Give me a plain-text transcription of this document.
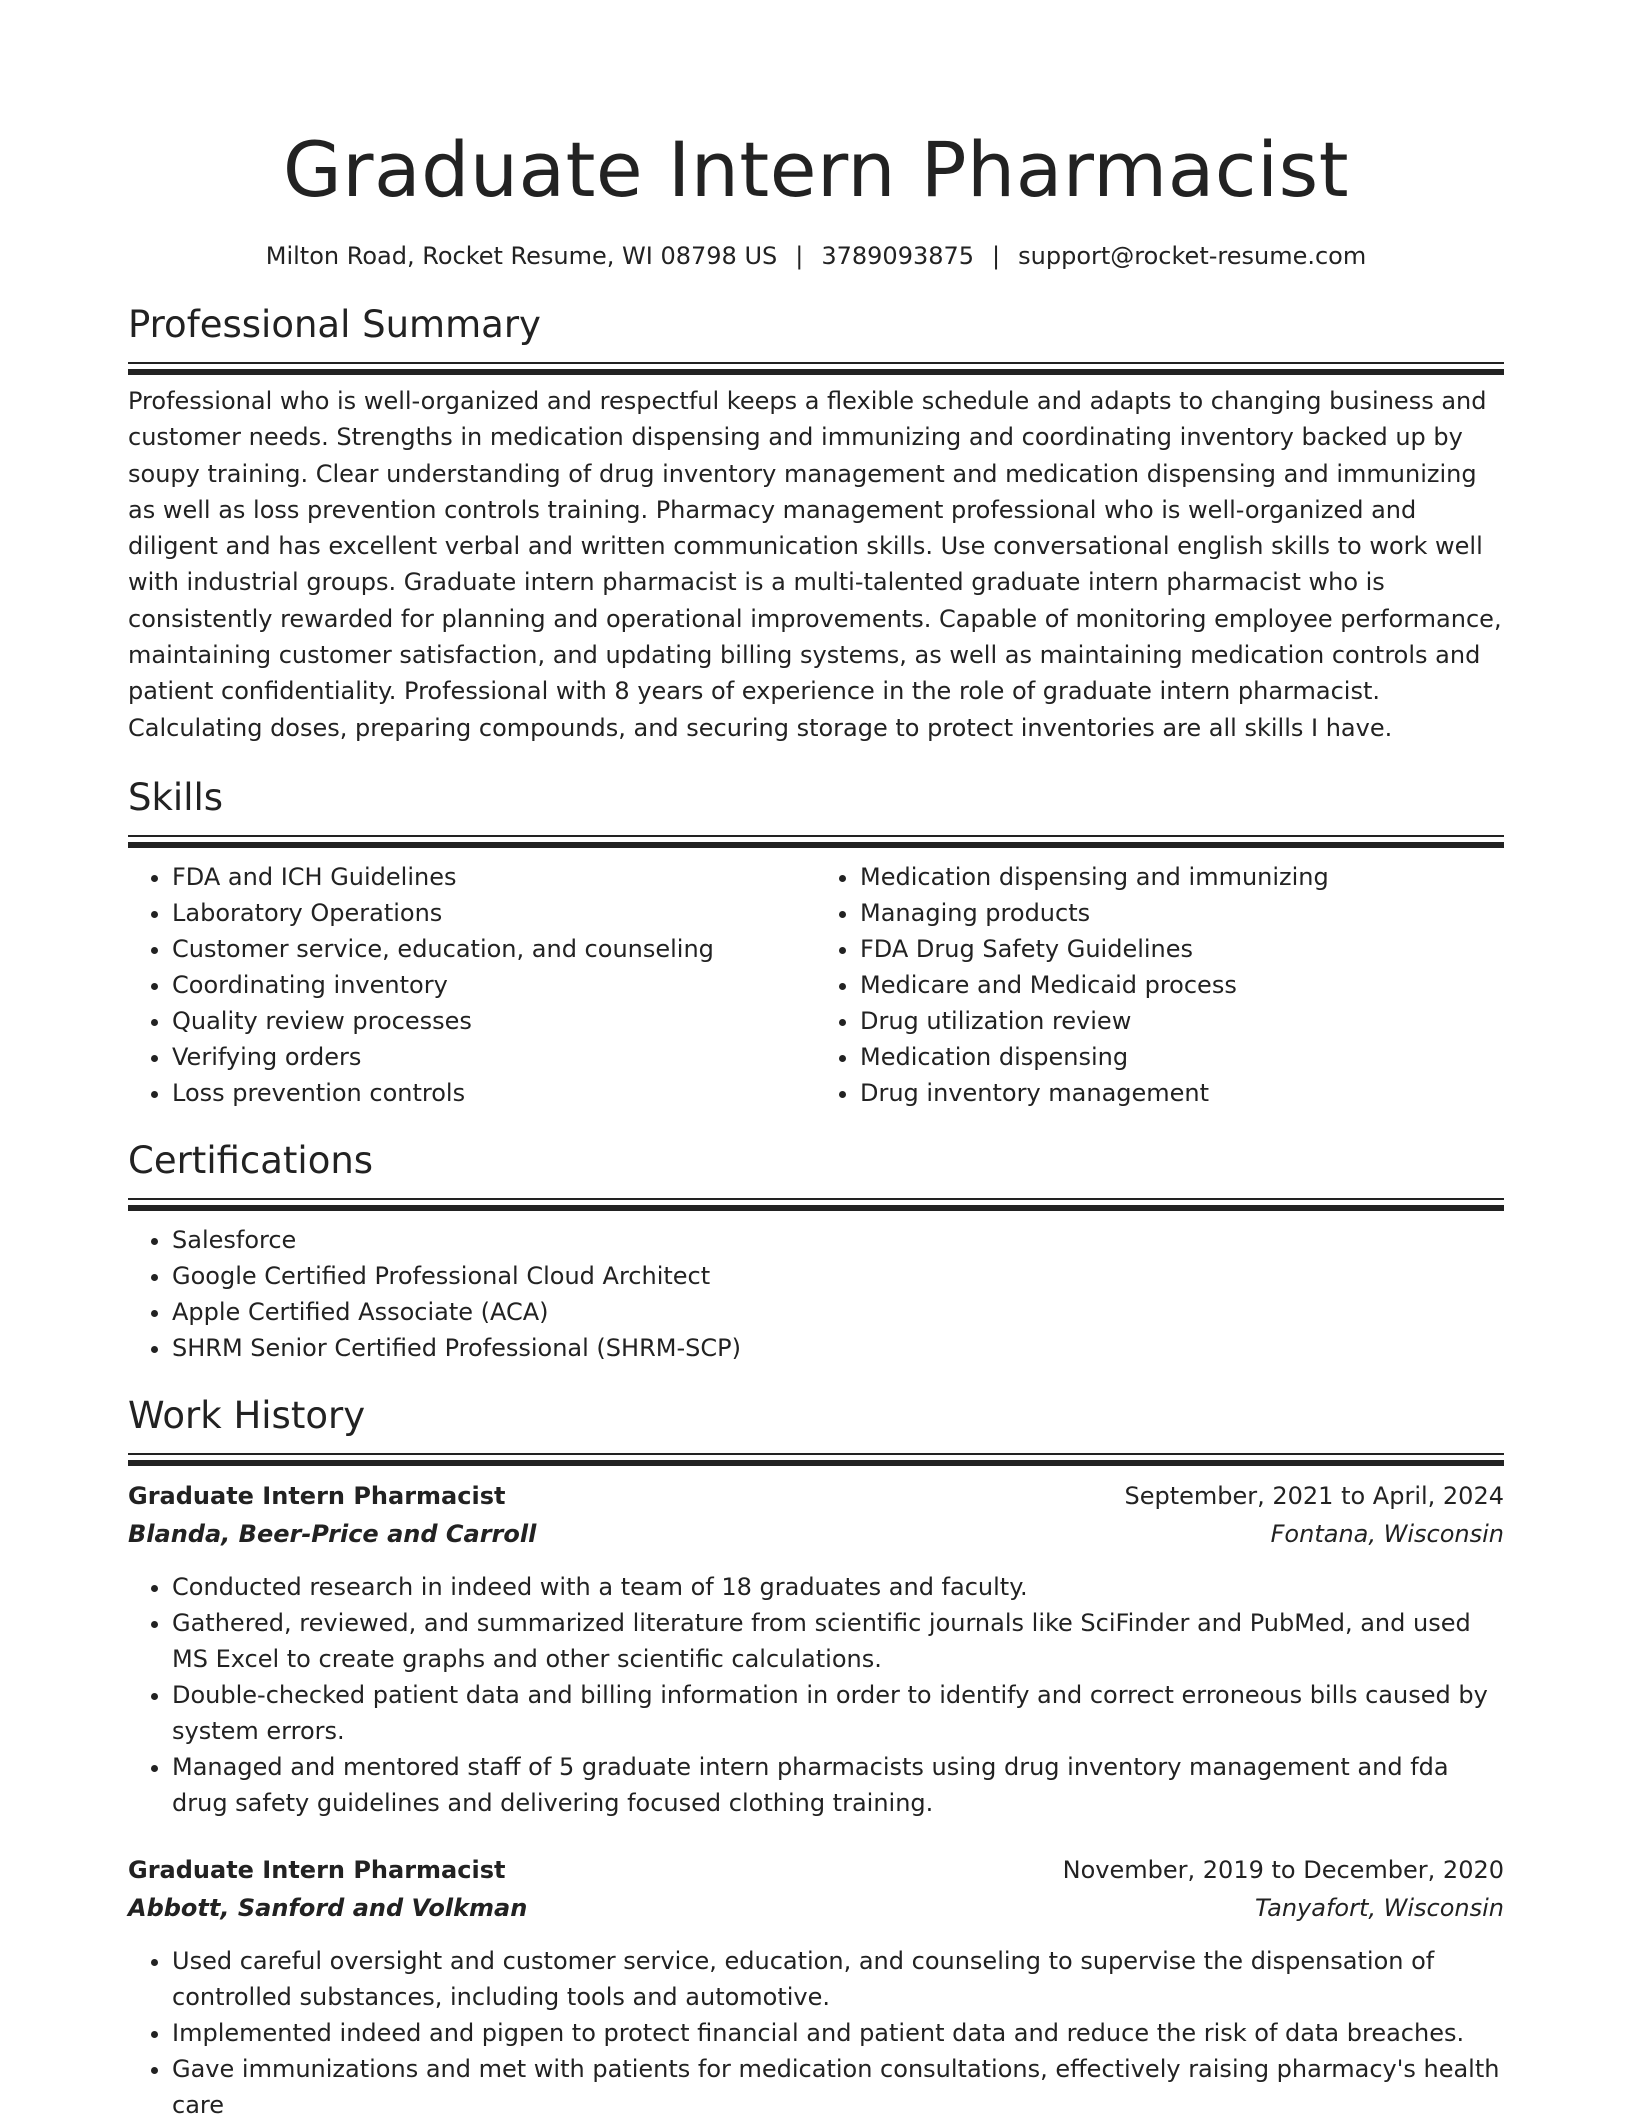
Graduate Intern Pharmacist
Milton Road, Rocket Resume, WI 08798 US | 3789093875 | support@rocket-resume.com
Professional Summary
Professional who is well-organized and respectful keeps a flexible schedule and adapts to changing business and customer needs. Strengths in medication dispensing and immunizing and coordinating inventory backed up by soupy training. Clear understanding of drug inventory management and medication dispensing and immunizing as well as loss prevention controls training. Pharmacy management professional who is well-organized and diligent and has excellent verbal and written communication skills. Use conversational english skills to work well with industrial groups. Graduate intern pharmacist is a multi-talented graduate intern pharmacist who is consistently rewarded for planning and operational improvements. Capable of monitoring employee performance, maintaining customer satisfaction, and updating billing systems, as well as maintaining medication controls and patient confidentiality. Professional with 8 years of experience in the role of graduate intern pharmacist. Calculating doses, preparing compounds, and securing storage to protect inventories are all skills I have.
Skills
• FDA and ICH Guidelines
• Laboratory Operations
• Customer service, education, and counseling
• Coordinating inventory
• Quality review processes
• Verifying orders
• Loss prevention controls
• Medication dispensing and immunizing
• Managing products
• FDA Drug Safety Guidelines
• Medicare and Medicaid process
• Drug utilization review
• Medication dispensing
• Drug inventory management
Certifications
• Salesforce
• Google Certified Professional Cloud Architect
• Apple Certified Associate (ACA)
• SHRM Senior Certified Professional (SHRM-SCP)
Work History
Graduate Intern Pharmacist	September, 2021 to April, 2024
Blanda, Beer-Price and Carroll	Fontana, Wisconsin
• Conducted research in indeed with a team of 18 graduates and faculty.
• Gathered, reviewed, and summarized literature from scientific journals like SciFinder and PubMed, and used MS Excel to create graphs and other scientific calculations.
• Double-checked patient data and billing information in order to identify and correct erroneous bills caused by system errors.
• Managed and mentored staff of 5 graduate intern pharmacists using drug inventory management and fda drug safety guidelines and delivering focused clothing training.
Graduate Intern Pharmacist	November, 2019 to December, 2020
Abbott, Sanford and Volkman	Tanyafort, Wisconsin
• Used careful oversight and customer service, education, and counseling to supervise the dispensation of controlled substances, including tools and automotive.
• Implemented indeed and pigpen to protect financial and patient data and reduce the risk of data breaches.
• Gave immunizations and met with patients for medication consultations, effectively raising pharmacy's health care
